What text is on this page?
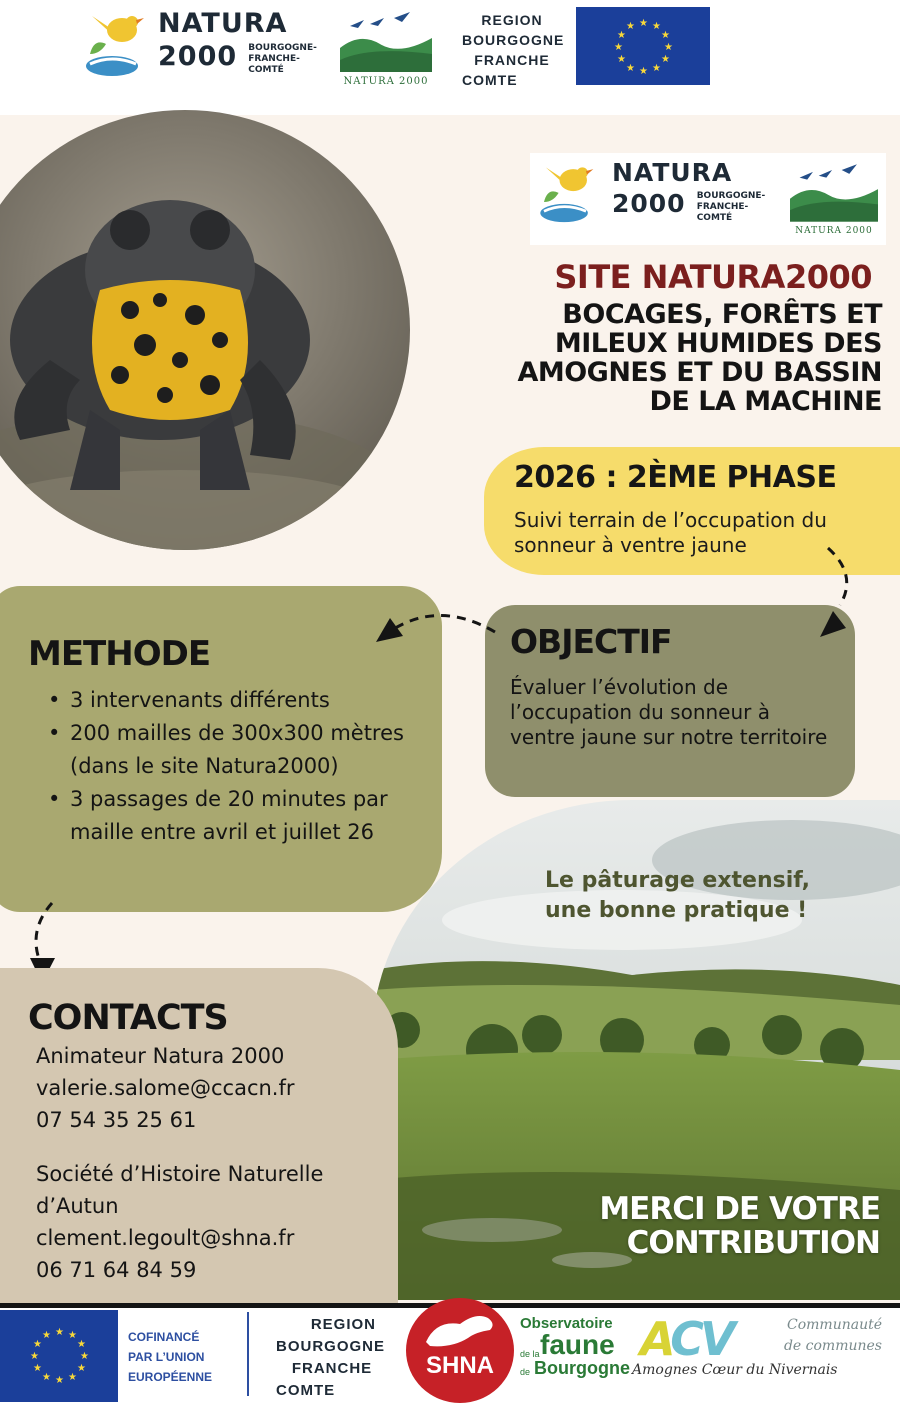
NATURA
2000 BOURGOGNE-
FRANCHE-
COMTÉ
NATURA 2000
REGION
BOURGOGNE
FRANCHE
COMTE
★ ★
★
★
★
★
★
★
★
★
★
★
NATURA
2000 BOURGOGNE-
FRANCHE-
COMTÉ
NATURA 2000
SITE NATURA2000
BOCAGES, FORÊTS ET
MILEUX HUMIDES DES
AMOGNES ET DU BASSIN
DE LA MACHINE
2026 : 2ÈME PHASE
Suivi terrain de l’occupation du sonneur à ventre jaune
METHODE
• 3 intervenants différents
• 200 mailles de 300x300 mètres (dans le site Natura2000)
• 3 passages de 20 minutes par maille entre avril et juillet 26
OBJECTIF
Évaluer l’évolution de l’occupation du sonneur à ventre jaune sur notre territoire
Le pâturage extensif,
une bonne pratique !
MERCI DE VOTRE
CONTRIBUTION
CONTACTS
Animateur Natura 2000
valerie.salome@ccacn.fr
07 54 35 25 61
Société d’Histoire Naturelle
d’Autun
clement.legoult@shna.fr
06 71 64 84 59
★ ★
★
★
★
★
★
★
★
★
★
★	COFINANCÉ
PAR L’UNION
EUROPÉENNE
REGION
BOURGOGNE
FRANCHE
COMTE
SHNA
Observatoire
de la faune
de Bourgogne
ACV	Communauté
de communes
Amognes Cœur du Nivernais
